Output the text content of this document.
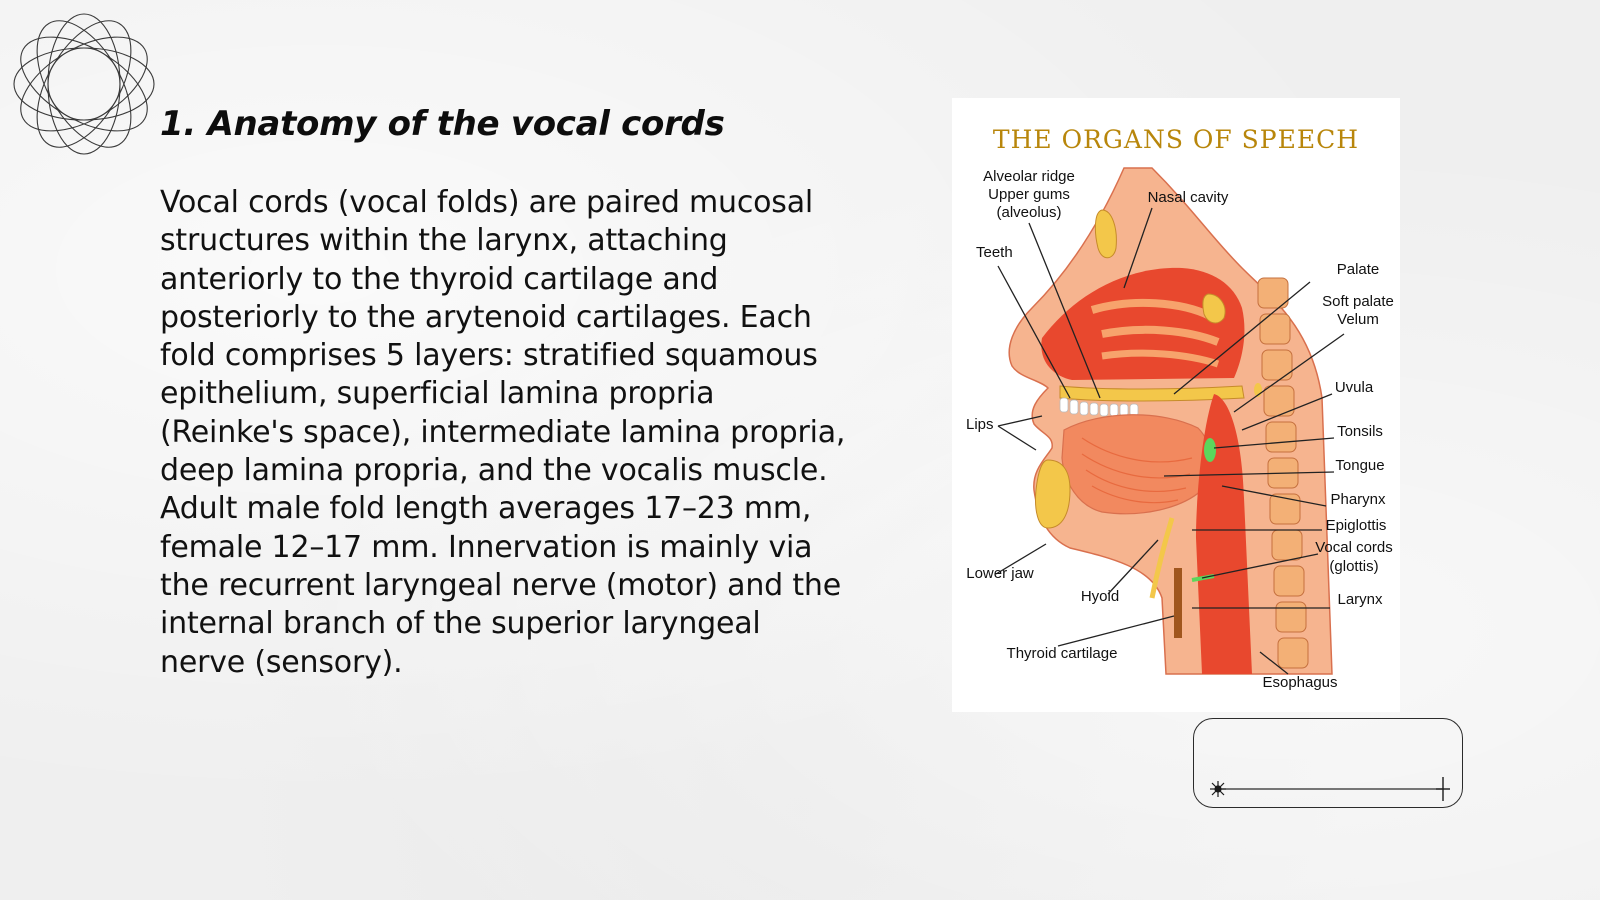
1. Anatomy of the vocal cords

Vocal cords (vocal folds) are paired mucosal structures within the larynx, attaching anteriorly to the thyroid cartilage and posteriorly to the arytenoid cartilages. Each fold comprises 5 layers: stratified squamous epithelium, superficial lamina propria (Reinke's space), intermediate lamina propria, deep lamina propria, and the vocalis muscle. Adult male fold length averages 17–23 mm, female 12–17 mm. Innervation is mainly via the recurrent laryngeal nerve (motor) and the internal branch of the superior laryngeal nerve (sensory).

THE ORGANS OF SPEECH
Alveolar ridge
Upper gums
(alveolus)
Nasal cavity
Teeth
Palate
Soft palate
Velum
Uvula
Lips	Tonsils
Tongue
Pharynx
Epiglottis
Vocal cords
(glottis)
Lower jaw
Hyoid	Larynx
Thyroid cartilage
Esophagus
